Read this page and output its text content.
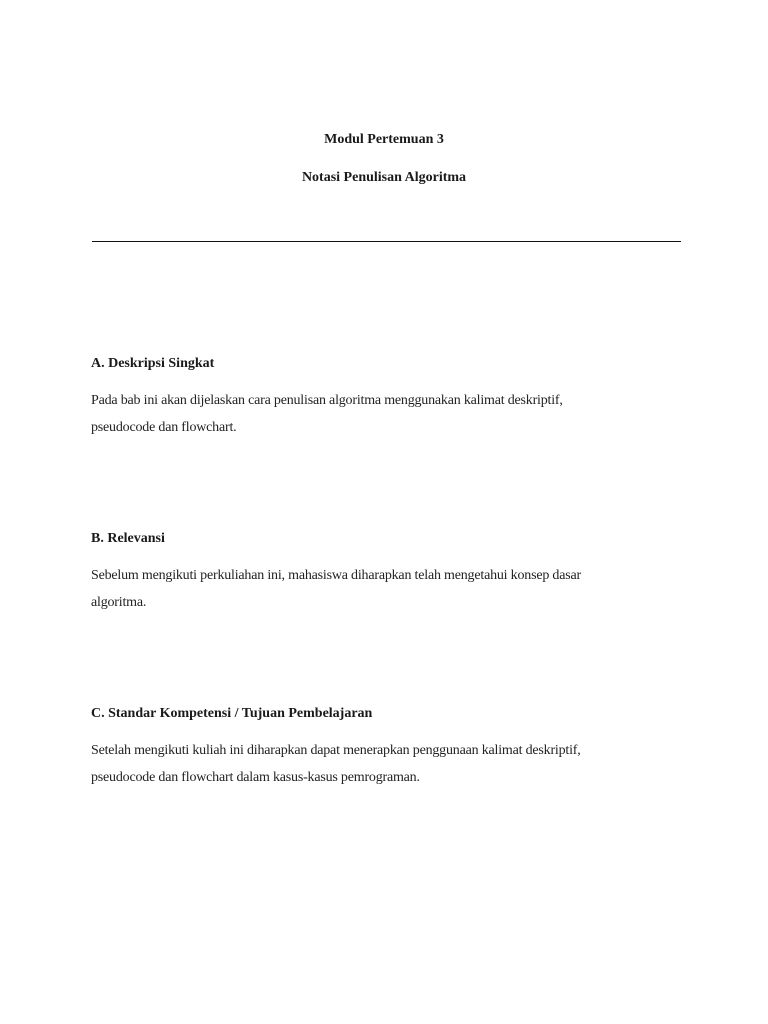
Modul Pertemuan 3
Notasi Penulisan Algoritma
A. Deskripsi Singkat
Pada bab ini akan dijelaskan cara penulisan algoritma menggunakan kalimat deskriptif,
pseudocode dan flowchart.
B. Relevansi
Sebelum mengikuti perkuliahan ini, mahasiswa diharapkan telah mengetahui konsep dasar
algoritma.
C. Standar Kompetensi / Tujuan Pembelajaran
Setelah mengikuti kuliah ini diharapkan dapat menerapkan penggunaan kalimat deskriptif,
pseudocode dan flowchart dalam kasus-kasus pemrograman.
